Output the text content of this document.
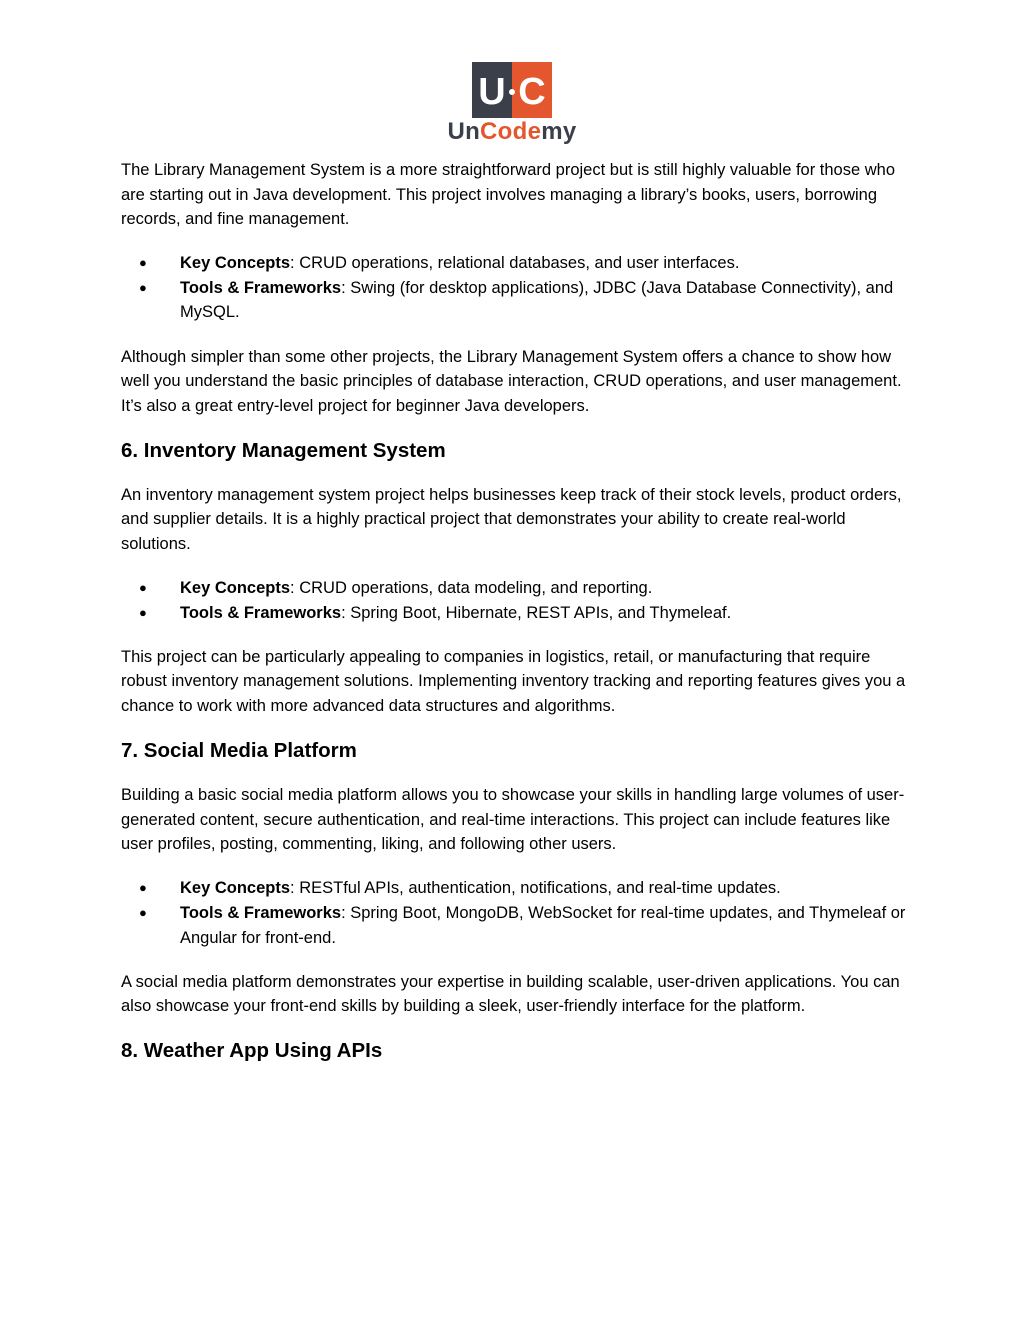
U C
UnCodemy

The Library Management System is a more straightforward project but is still highly valuable for those who are starting out in Java development. This project involves managing a library’s books, users, borrowing records, and fine management.

● Key Concepts: CRUD operations, relational databases, and user interfaces.
● Tools & Frameworks: Swing (for desktop applications), JDBC (Java Database Connectivity), and MySQL.

Although simpler than some other projects, the Library Management System offers a chance to show how well you understand the basic principles of database interaction, CRUD operations, and user management. It’s also a great entry-level project for beginner Java developers.

6. Inventory Management System

An inventory management system project helps businesses keep track of their stock levels, product orders, and supplier details. It is a highly practical project that demonstrates your ability to create real-world solutions.

● Key Concepts: CRUD operations, data modeling, and reporting.
● Tools & Frameworks: Spring Boot, Hibernate, REST APIs, and Thymeleaf.

This project can be particularly appealing to companies in logistics, retail, or manufacturing that require robust inventory management solutions. Implementing inventory tracking and reporting features gives you a chance to work with more advanced data structures and algorithms.

7. Social Media Platform

Building a basic social media platform allows you to showcase your skills in handling large volumes of user-generated content, secure authentication, and real-time interactions. This project can include features like user profiles, posting, commenting, liking, and following other users.

● Key Concepts: RESTful APIs, authentication, notifications, and real-time updates.
● Tools & Frameworks: Spring Boot, MongoDB, WebSocket for real-time updates, and Thymeleaf or Angular for front-end.

A social media platform demonstrates your expertise in building scalable, user-driven applications. You can also showcase your front-end skills by building a sleek, user-friendly interface for the platform.

8. Weather App Using APIs
